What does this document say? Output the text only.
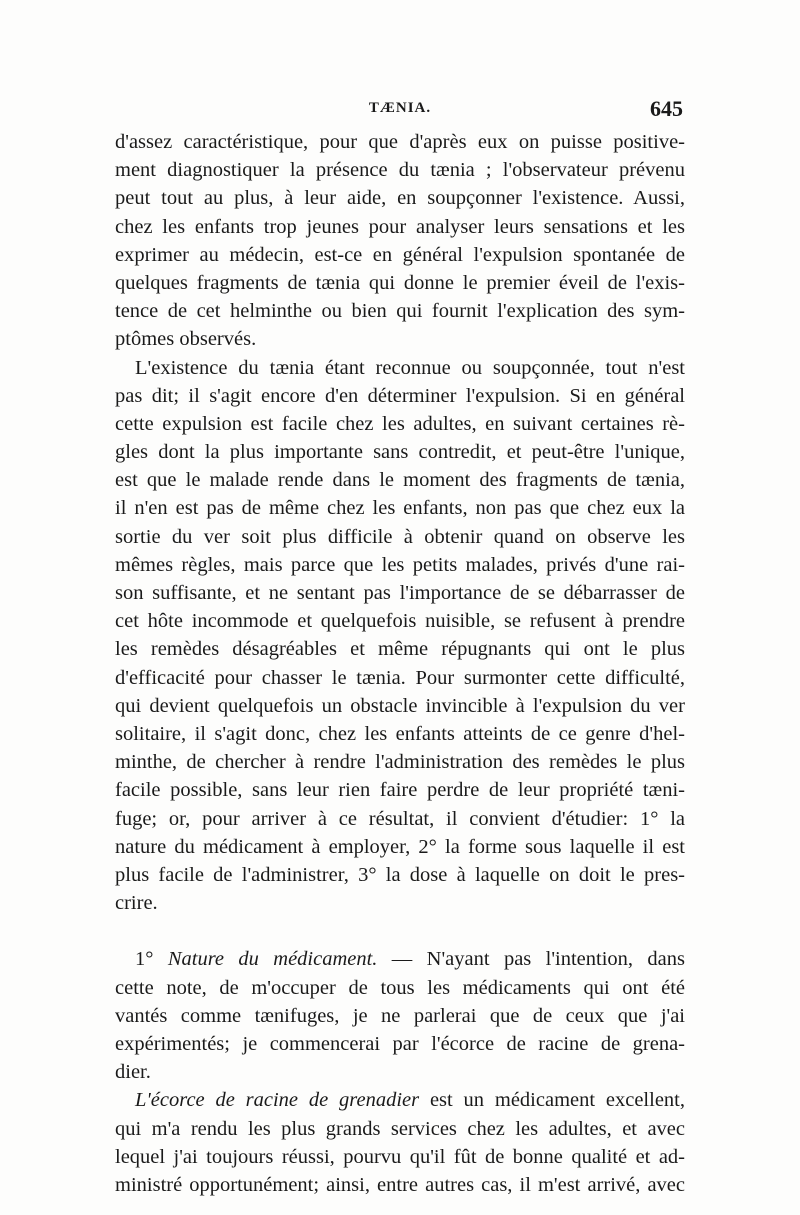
TÆNIA.	645
d'assez caractéristique, pour que d'après eux on puisse positive-
ment diagnostiquer la présence du tænia ; l'observateur prévenu
peut tout au plus, à leur aide, en soupçonner l'existence. Aussi,
chez les enfants trop jeunes pour analyser leurs sensations et les
exprimer au médecin, est-ce en général l'expulsion spontanée de
quelques fragments de tænia qui donne le premier éveil de l'exis-
tence de cet helminthe ou bien qui fournit l'explication des sym-
ptômes observés.
L'existence du tænia étant reconnue ou soupçonnée, tout n'est
pas dit; il s'agit encore d'en déterminer l'expulsion. Si en général
cette expulsion est facile chez les adultes, en suivant certaines rè-
gles dont la plus importante sans contredit, et peut-être l'unique,
est que le malade rende dans le moment des fragments de tænia,
il n'en est pas de même chez les enfants, non pas que chez eux la
sortie du ver soit plus difficile à obtenir quand on observe les
mêmes règles, mais parce que les petits malades, privés d'une rai-
son suffisante, et ne sentant pas l'importance de se débarrasser de
cet hôte incommode et quelquefois nuisible, se refusent à prendre
les remèdes désagréables et même répugnants qui ont le plus
d'efficacité pour chasser le tænia. Pour surmonter cette difficulté,
qui devient quelquefois un obstacle invincible à l'expulsion du ver
solitaire, il s'agit donc, chez les enfants atteints de ce genre d'hel-
minthe, de chercher à rendre l'administration des remèdes le plus
facile possible, sans leur rien faire perdre de leur propriété tæni-
fuge; or, pour arriver à ce résultat, il convient d'étudier: 1° la
nature du médicament à employer, 2° la forme sous laquelle il est
plus facile de l'administrer, 3° la dose à laquelle on doit le pres-
crire.
1° Nature du médicament. — N'ayant pas l'intention, dans
cette note, de m'occuper de tous les médicaments qui ont été
vantés comme tænifuges, je ne parlerai que de ceux que j'ai
expérimentés; je commencerai par l'écorce de racine de grena-
dier.
L'écorce de racine de grenadier est un médicament excellent,
qui m'a rendu les plus grands services chez les adultes, et avec
lequel j'ai toujours réussi, pourvu qu'il fût de bonne qualité et ad-
ministré opportunément; ainsi, entre autres cas, il m'est arrivé, avec
